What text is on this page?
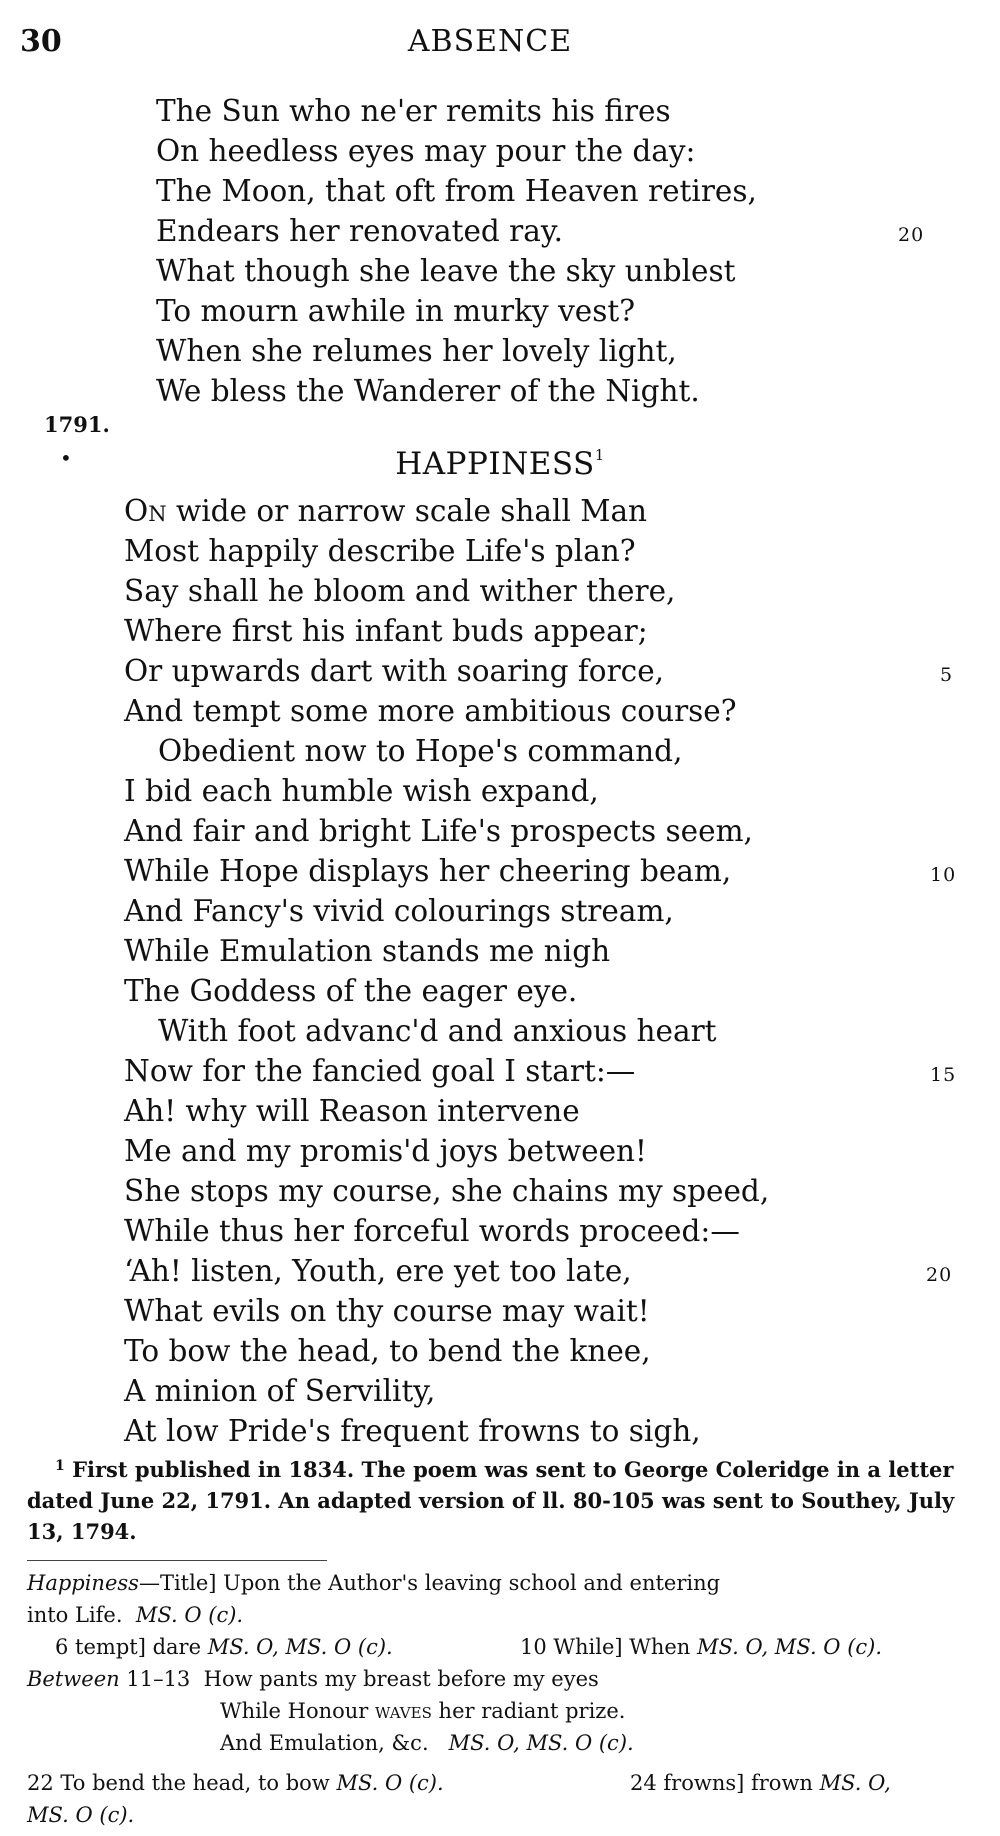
30	ABSENCE
The Sun who ne'er remits his fires
On heedless eyes may pour the day:
The Moon, that oft from Heaven retires,
Endears her renovated ray.	20
What though she leave the sky unblest
To mourn awhile in murky vest?
When she relumes her lovely light,
We bless the Wanderer of the Night.
1791.
•	HAPPINESS$^1$
On wide or narrow scale shall Man
Most happily describe Life's plan?
Say shall he bloom and wither there,
Where first his infant buds appear;
Or upwards dart with soaring force,	5
And tempt some more ambitious course?
Obedient now to Hope's command,
I bid each humble wish expand,
And fair and bright Life's prospects seem,
While Hope displays her cheering beam,	10
And Fancy's vivid colourings stream,
While Emulation stands me nigh
The Goddess of the eager eye.
With foot advanc'd and anxious heart
Now for the fancied goal I start:—	15
Ah! why will Reason intervene
Me and my promis'd joys between!
She stops my course, she chains my speed,
While thus her forceful words proceed:—
‘Ah! listen, Youth, ere yet too late,	20
What evils on thy course may wait!
To bow the head, to bend the knee,
A minion of Servility,
At low Pride's frequent frowns to sigh,
$^1$ First published in 1834. The poem was sent to George Coleridge in a letter dated June 22, 1791. An adapted version of ll. 80-105 was sent to Southey, July 13, 1794.
Happiness—Title] Upon the Author's leaving school and entering
into Life. MS. O (c).
6 tempt] dare MS. O, MS. O (c).	10 While] When MS. O, MS. O (c).
Between 11–13 How pants my breast before my eyes
While Honour waves her radiant prize.
And Emulation, &c. MS. O, MS. O (c).
22 To bend the head, to bow MS. O (c).	24 frowns] frown MS. O,
MS. O (c).
